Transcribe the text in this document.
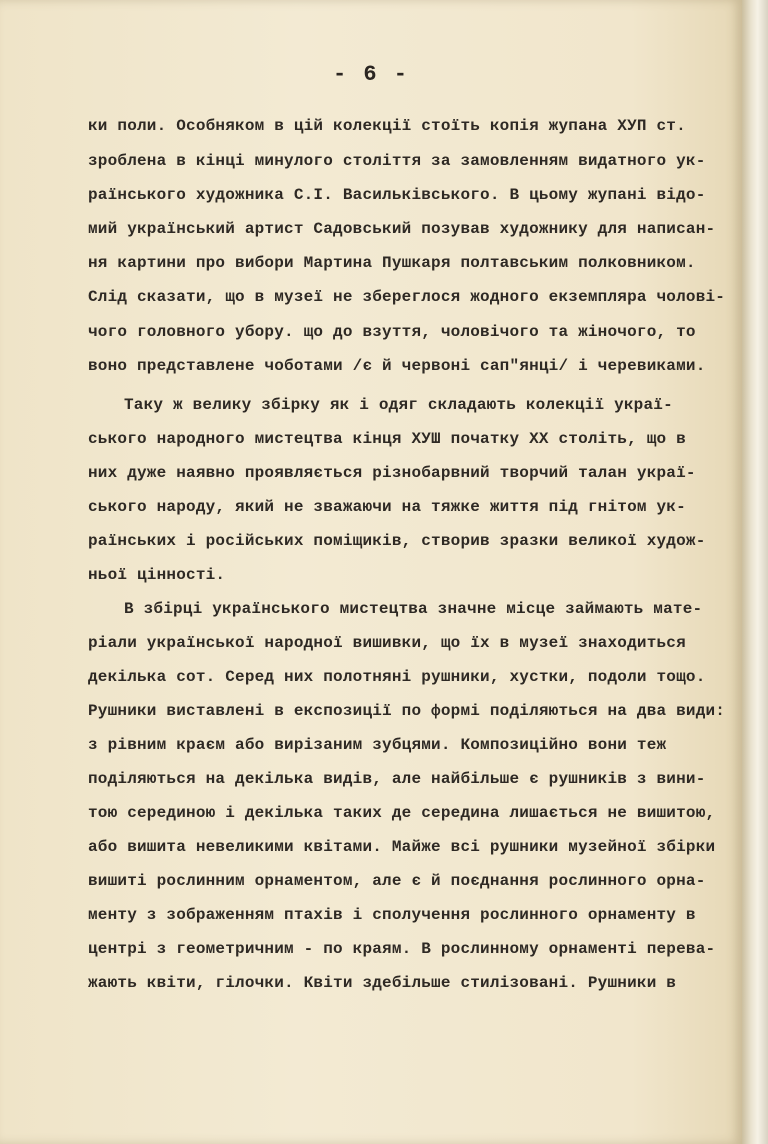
- 6 -

ки поли. Особняком в цій колекції стоїть копія жупана ХУП ст.

зроблена в кінці минулого століття за замовленням видатного ук-

раїнського художника С.І. Васильківського. В цьому жупані відо-

мий український артист Садовський позував художнику для написан-

ня картини про вибори Мартина Пушкаря полтавським полковником.

Слід сказати, що в музеї не збереглося жодного екземпляра чолові-

чого головного убору. що до взуття, чоловічого та жіночого, то

воно представлене чоботами /є й червоні сап"янці/ і черевиками.

Таку ж велику збірку як і одяг складають колекції украї-

ського народного мистецтва кінця ХУШ початку ХХ століть, що в

них дуже наявно проявляється різнобарвний творчий талан украї-

ського народу, який не зважаючи на тяжке життя під гнітом ук-

раїнських і російських поміщиків, створив зразки великої худож-

ньої цінності.

В збірці українського мистецтва значне місце займають мате-

ріали української народної вишивки, що їх в музеї знаходиться

декілька сот. Серед них полотняні рушники, хустки, подоли тощо.

Рушники виставлені в експозиції по формі поділяються на два види:

з рівним краєм або вирізаним зубцями. Композиційно вони теж

поділяються на декілька видів, але найбільше є рушників з вини-

тою серединою і декілька таких де середина лишається не вишитою,

або вишита невеликими квітами. Майже всі рушники музейної збірки

вишиті рослинним орнаментом, але є й поєднання рослинного орна-

менту з зображенням птахів і сполучення рослинного орнаменту в

центрі з геометричним - по краям. В рослинному орнаменті перева-

жають квіти, гілочки. Квіти здебільше стилізовані. Рушники в
